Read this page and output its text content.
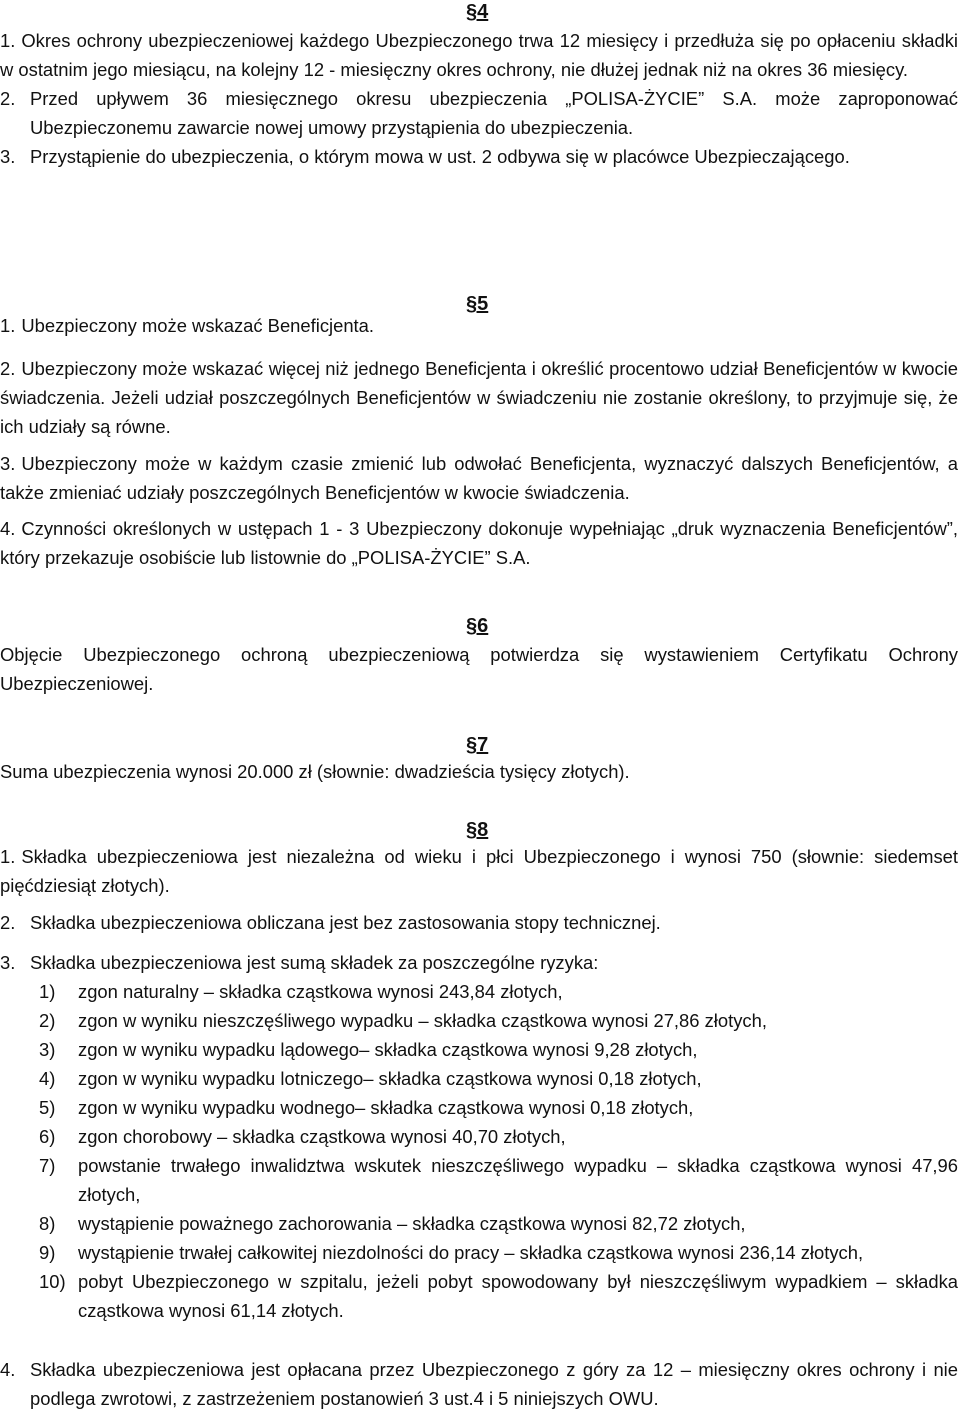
§4
1. Okres ochrony ubezpieczeniowej każdego Ubezpieczonego trwa 12 miesięcy i przedłuża się po opłaceniu składki w ostatnim jego miesiącu, na kolejny 12 - miesięczny okres ochrony, nie dłużej jednak niż na okres 36 miesięcy.
2. Przed upływem 36 miesięcznego okresu ubezpieczenia „POLISA-ŻYCIE” S.A. może zaproponować Ubezpieczonemu zawarcie nowej umowy przystąpienia do ubezpieczenia.
3. Przystąpienie do ubezpieczenia, o którym mowa w ust. 2 odbywa się w placówce Ubezpieczającego.
§5
1. Ubezpieczony może wskazać Beneficjenta.
2. Ubezpieczony może wskazać więcej niż jednego Beneficjenta i określić procentowo udział Beneficjentów w kwocie świadczenia. Jeżeli udział poszczególnych Beneficjentów w świadczeniu nie zostanie określony, to przyjmuje się, że ich udziały są równe.
3. Ubezpieczony może w każdym czasie zmienić lub odwołać Beneficjenta, wyznaczyć dalszych Beneficjentów, a także zmieniać udziały poszczególnych Beneficjentów w kwocie świadczenia.
4. Czynności określonych w ustępach 1 - 3 Ubezpieczony dokonuje wypełniając „druk wyznaczenia Beneficjentów”, który przekazuje osobiście lub listownie do „POLISA-ŻYCIE” S.A.
§6
Objęcie Ubezpieczonego ochroną ubezpieczeniową potwierdza się wystawieniem Certyfikatu Ochrony Ubezpieczeniowej.
§7
Suma ubezpieczenia wynosi 20.000 zł (słownie: dwadzieścia tysięcy złotych).
§8
1. Składka ubezpieczeniowa jest niezależna od wieku i płci Ubezpieczonego i wynosi 750 (słownie: siedemset pięćdziesiąt złotych).
2. Składka ubezpieczeniowa obliczana jest bez zastosowania stopy technicznej.
3. Składka ubezpieczeniowa jest sumą składek za poszczególne ryzyka:
1) zgon naturalny – składka cząstkowa wynosi 243,84 złotych,
2) zgon w wyniku nieszczęśliwego wypadku – składka cząstkowa wynosi 27,86 złotych,
3) zgon w wyniku wypadku lądowego– składka cząstkowa wynosi 9,28 złotych,
4) zgon w wyniku wypadku lotniczego– składka cząstkowa wynosi 0,18 złotych,
5) zgon w wyniku wypadku wodnego– składka cząstkowa wynosi 0,18 złotych,
6) zgon chorobowy – składka cząstkowa wynosi 40,70 złotych,
7) powstanie trwałego inwalidztwa wskutek nieszczęśliwego wypadku – składka cząstkowa wynosi 47,96 złotych,
8) wystąpienie poważnego zachorowania – składka cząstkowa wynosi 82,72 złotych,
9) wystąpienie trwałej całkowitej niezdolności do pracy – składka cząstkowa wynosi 236,14 złotych,
10) pobyt Ubezpieczonego w szpitalu, jeżeli pobyt spowodowany był nieszczęśliwym wypadkiem – składka cząstkowa wynosi 61,14 złotych.
4. Składka ubezpieczeniowa jest opłacana przez Ubezpieczonego z góry za 12 – miesięczny okres ochrony i nie podlega zwrotowi, z zastrzeżeniem postanowień 3 ust.4 i 5 niniejszych OWU.
